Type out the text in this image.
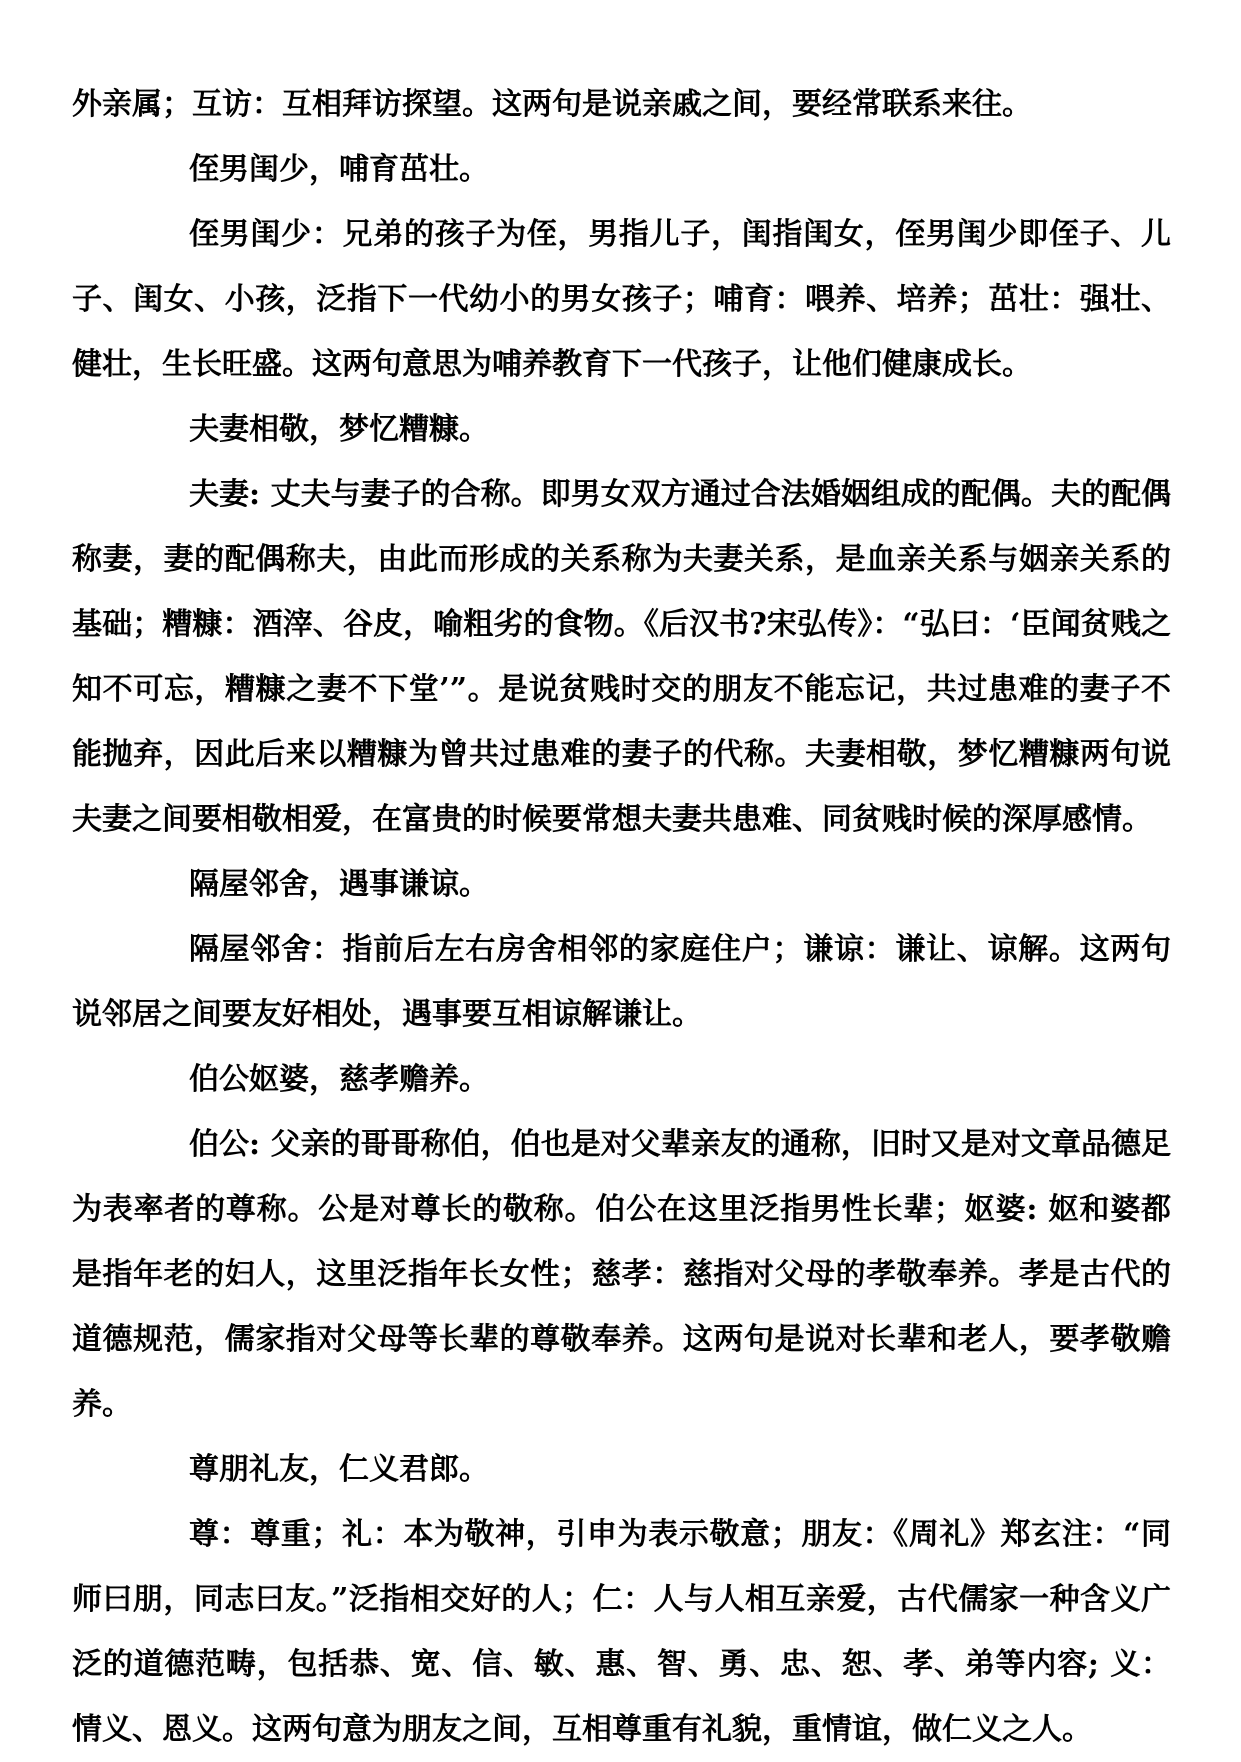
外亲属；互访：互相拜访探望。这两句是说亲戚之间，要经常联系来往。

侄男闺少，哺育茁壮。

侄男闺少：兄弟的孩子为侄，男指儿子，闺指闺女，侄男闺少即侄子、儿子、闺女、小孩，泛指下一代幼小的男女孩子；哺育：喂养、培养；茁壮：强壮、健壮，生长旺盛。这两句意思为哺养教育下一代孩子，让他们健康成长。

夫妻相敬，梦忆糟糠。

夫妻: 丈夫与妻子的合称。即男女双方通过合法婚姻组成的配偶。夫的配偶称妻，妻的配偶称夫，由此而形成的关系称为夫妻关系，是血亲关系与姻亲关系的基础；糟糠：酒滓、谷皮，喻粗劣的食物。《后汉书?宋弘传》：“弘曰：‘臣闻贫贱之知不可忘，糟糠之妻不下堂’”。是说贫贱时交的朋友不能忘记，共过患难的妻子不能抛弃，因此后来以糟糠为曾共过患难的妻子的代称。夫妻相敬，梦忆糟糠两句说夫妻之间要相敬相爱，在富贵的时候要常想夫妻共患难、同贫贱时候的深厚感情。

隔屋邻舍，遇事谦谅。

隔屋邻舍：指前后左右房舍相邻的家庭住户；谦谅：谦让、谅解。这两句说邻居之间要友好相处，遇事要互相谅解谦让。

伯公妪婆，慈孝赡养。

伯公: 父亲的哥哥称伯，伯也是对父辈亲友的通称，旧时又是对文章品德足为表率者的尊称。公是对尊长的敬称。伯公在这里泛指男性长辈；妪婆: 妪和婆都是指年老的妇人，这里泛指年长女性；慈孝：慈指对父母的孝敬奉养。孝是古代的道德规范，儒家指对父母等长辈的尊敬奉养。这两句是说对长辈和老人，要孝敬赡养。

尊朋礼友，仁义君郎。

尊：尊重；礼：本为敬神，引申为表示敬意；朋友：《周礼》郑玄注：“同师曰朋，同志曰友。”泛指相交好的人；仁：人与人相互亲爱，古代儒家一种含义广泛的道德范畴，包括恭、宽、信、敏、惠、智、勇、忠、恕、孝、弟等内容; 义：情义、恩义。这两句意为朋友之间，互相尊重有礼貌，重情谊，做仁义之人。
